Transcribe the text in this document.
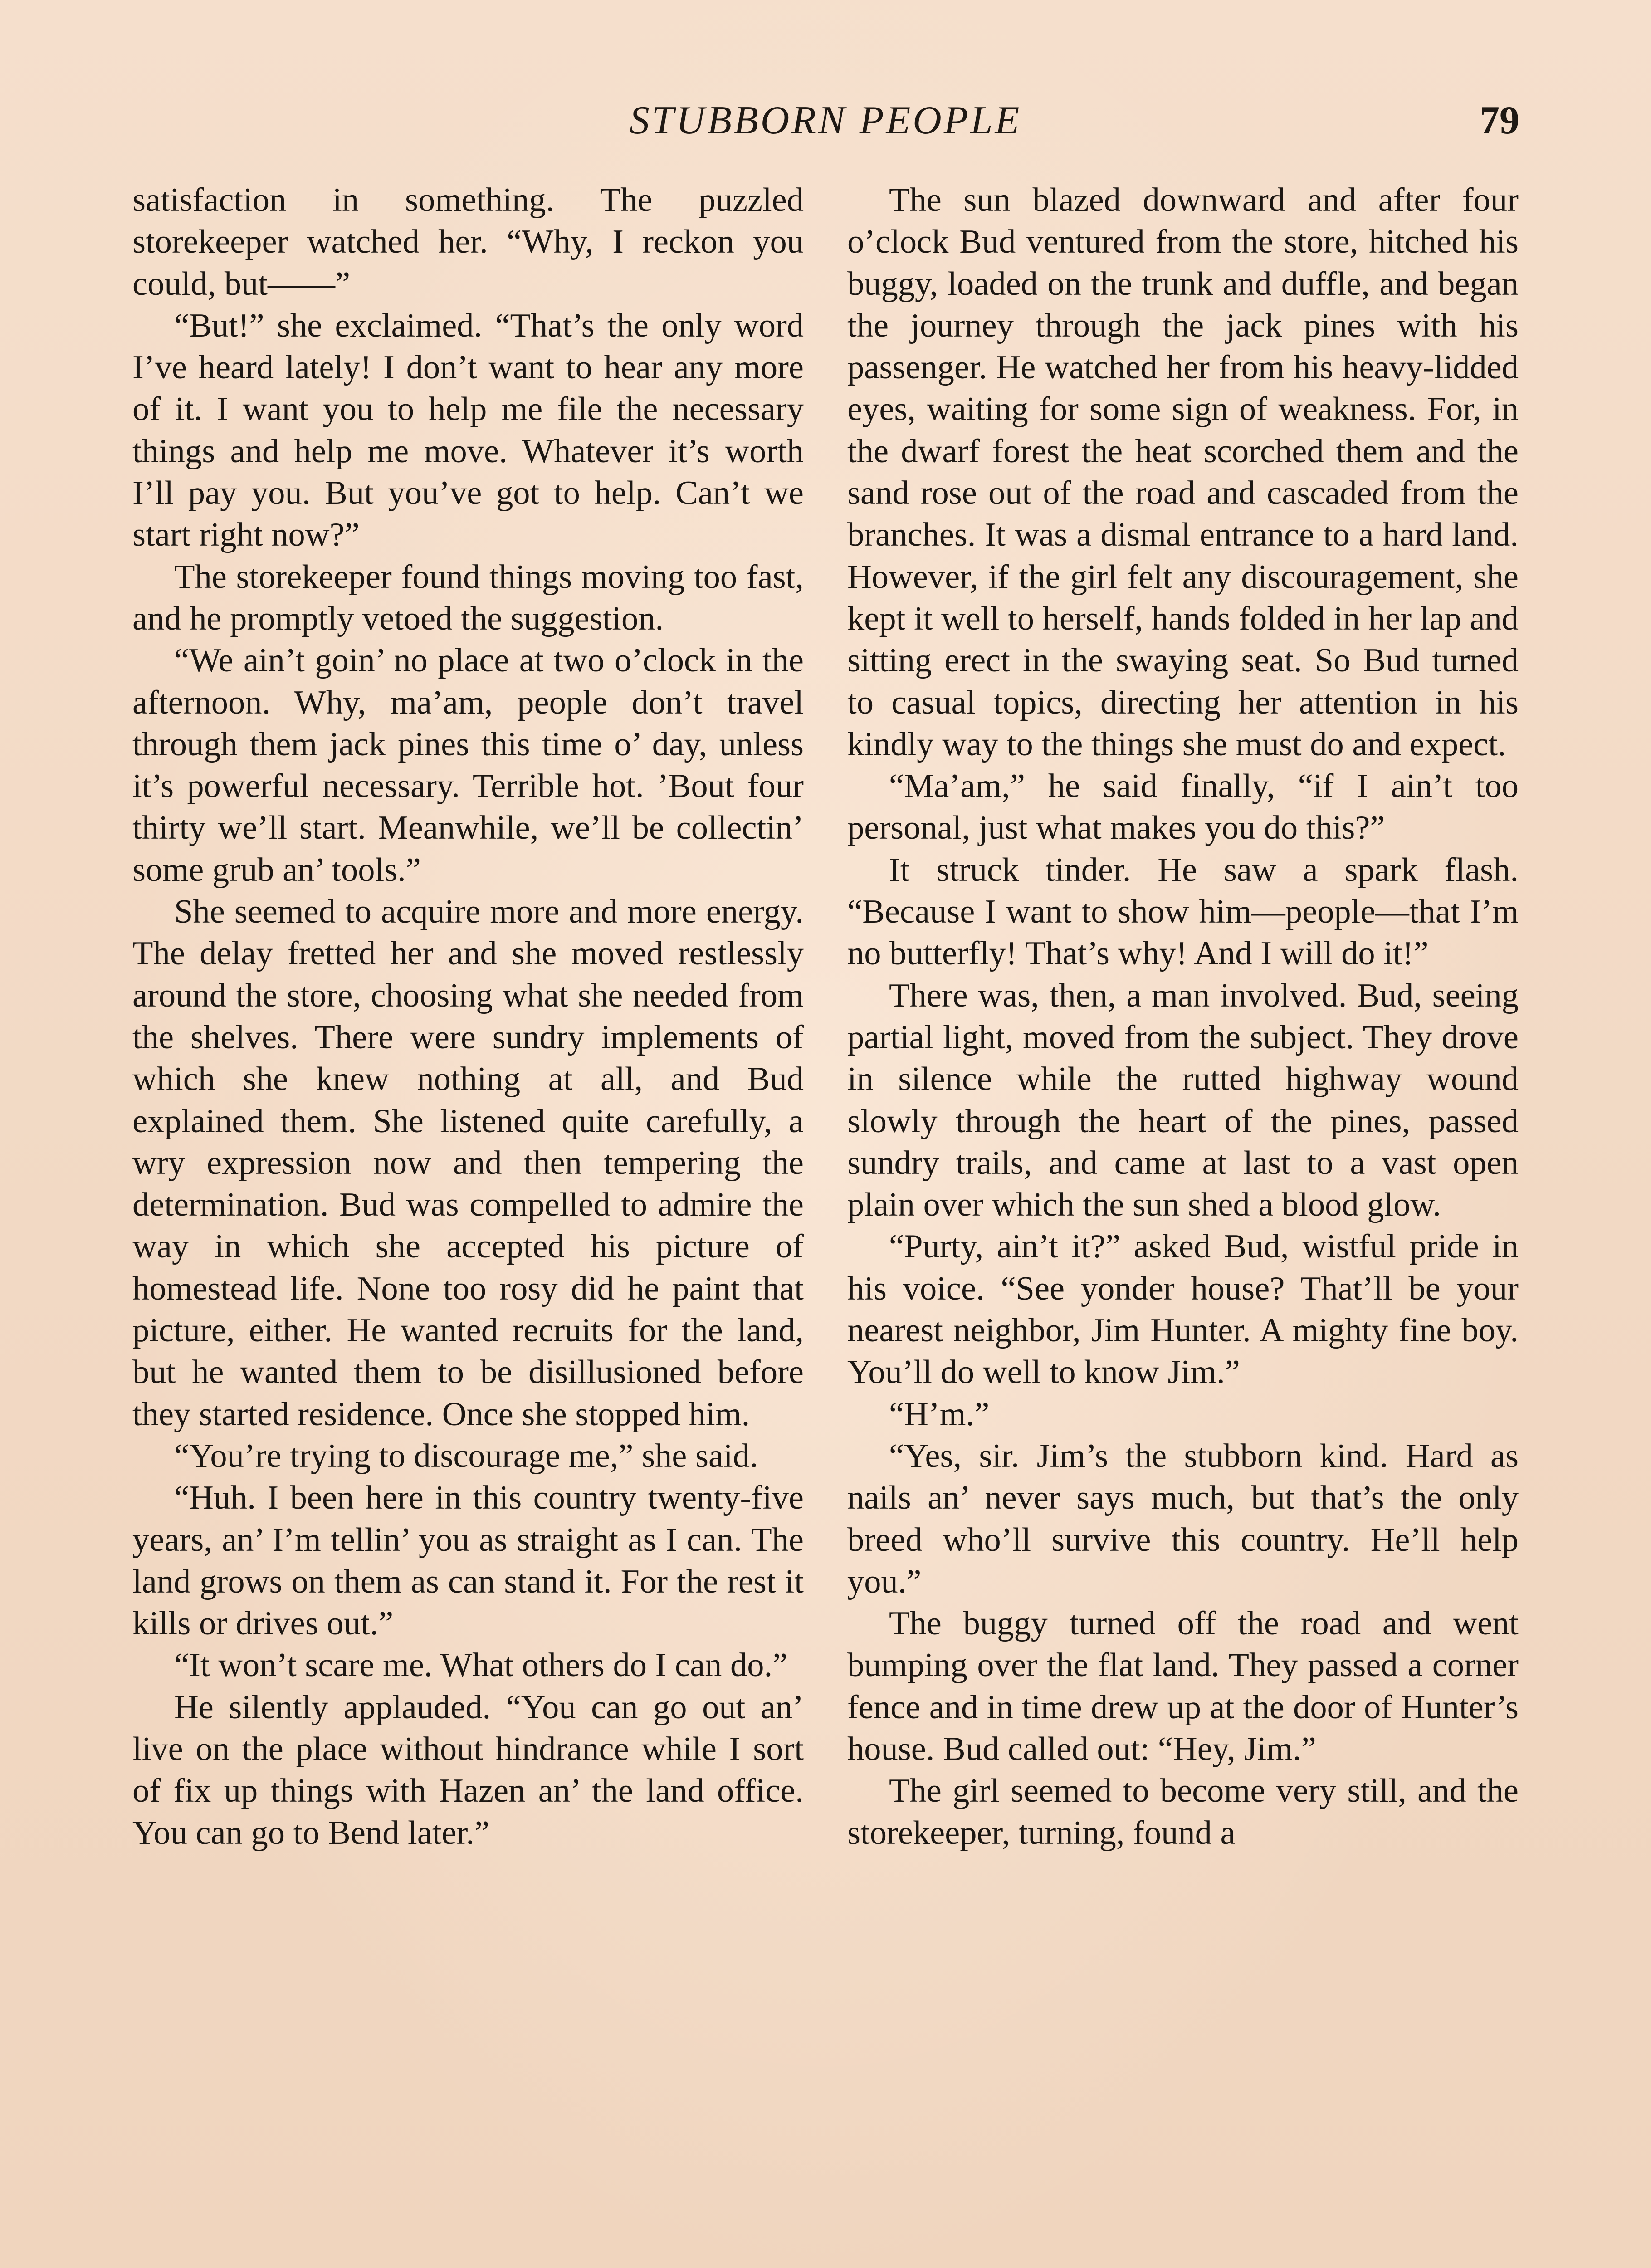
STUBBORN PEOPLE	79

satisfaction in something. The puzzled storekeeper watched her. “Why, I reckon you could, but——”

“But!” she exclaimed. “That’s the only word I’ve heard lately! I don’t want to hear any more of it. I want you to help me file the necessary things and help me move. Whatever it’s worth I’ll pay you. But you’ve got to help. Can’t we start right now?”

The storekeeper found things moving too fast, and he promptly vetoed the suggestion.

“We ain’t goin’ no place at two o’clock in the afternoon. Why, ma’am, people don’t travel through them jack pines this time o’ day, unless it’s powerful necessary. Terrible hot. ’Bout four thirty we’ll start. Meanwhile, we’ll be collectin’ some grub an’ tools.”

She seemed to acquire more and more energy. The delay fretted her and she moved restlessly around the store, choosing what she needed from the shelves. There were sundry implements of which she knew nothing at all, and Bud explained them. She listened quite carefully, a wry expression now and then tempering the determination. Bud was compelled to admire the way in which she accepted his picture of homestead life. None too rosy did he paint that picture, either. He wanted recruits for the land, but he wanted them to be disillusioned before they started residence. Once she stopped him.

“You’re trying to discourage me,” she said.

“Huh. I been here in this country twenty-five years, an’ I’m tellin’ you as straight as I can. The land grows on them as can stand it. For the rest it kills or drives out.”

“It won’t scare me. What others do I can do.”

He silently applauded. “You can go out an’ live on the place without hindrance while I sort of fix up things with Hazen an’ the land office. You can go to Bend later.”

The sun blazed downward and after four o’clock Bud ventured from the store, hitched his buggy, loaded on the trunk and duffle, and began the journey through the jack pines with his passenger. He watched her from his heavy-lidded eyes, waiting for some sign of weakness. For, in the dwarf forest the heat scorched them and the sand rose out of the road and cascaded from the branches. It was a dismal entrance to a hard land. However, if the girl felt any discouragement, she kept it well to herself, hands folded in her lap and sitting erect in the swaying seat. So Bud turned to casual topics, directing her attention in his kindly way to the things she must do and expect.

“Ma’am,” he said finally, “if I ain’t too personal, just what makes you do this?”

It struck tinder. He saw a spark flash. “Because I want to show him—people—that I’m no butterfly! That’s why! And I will do it!”

There was, then, a man involved. Bud, seeing partial light, moved from the subject. They drove in silence while the rutted highway wound slowly through the heart of the pines, passed sundry trails, and came at last to a vast open plain over which the sun shed a blood glow.

“Purty, ain’t it?” asked Bud, wistful pride in his voice. “See yonder house? That’ll be your nearest neighbor, Jim Hunter. A mighty fine boy. You’ll do well to know Jim.”

“H’m.”

“Yes, sir. Jim’s the stubborn kind. Hard as nails an’ never says much, but that’s the only breed who’ll survive this country. He’ll help you.”

The buggy turned off the road and went bumping over the flat land. They passed a corner fence and in time drew up at the door of Hunter’s house. Bud called out: “Hey, Jim.”

The girl seemed to become very still, and the storekeeper, turning, found a
